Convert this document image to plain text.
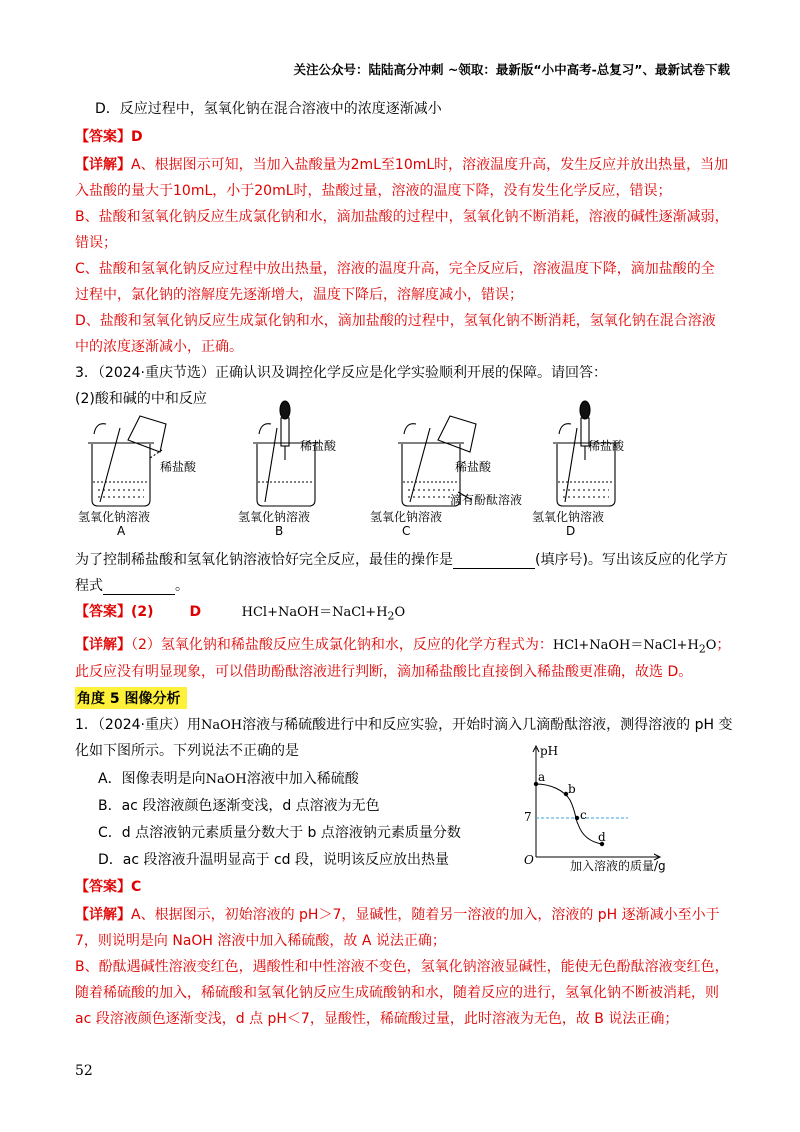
关注公众号：陆陆高分冲刺 ~领取：最新版“小中高考-总复习”、最新试卷下载
D．反应过程中，氢氧化钠在混合溶液中的浓度逐渐减小
【答案】D
【详解】A、根据图示可知，当加入盐酸量为2mL至10mL时，溶液温度升高，发生反应并放出热量，当加
入盐酸的量大于10mL，小于20mL时，盐酸过量，溶液的温度下降，没有发生化学反应，错误；
B、盐酸和氢氧化钠反应生成氯化钠和水，滴加盐酸的过程中，氢氧化钠不断消耗，溶液的碱性逐渐减弱，
错误；
C、盐酸和氢氧化钠反应过程中放出热量，溶液的温度升高，完全反应后，溶液温度下降，滴加盐酸的全
过程中，氯化钠的溶解度先逐渐增大，温度下降后，溶解度减小，错误；
D、盐酸和氢氧化钠反应生成氯化钠和水，滴加盐酸的过程中，氢氧化钠不断消耗，氢氧化钠在混合溶液
中的浓度逐渐减小，正确。
3．（2024·重庆节选）正确认识及调控化学反应是化学实验顺利开展的保障。请回答：
(2)酸和碱的中和反应
稀盐酸
稀盐酸
稀盐酸
滴有酚酞溶液
稀盐酸
氢氧化钠溶液	氢氧化钠溶液	氢氧化钠溶液	氢氧化钠溶液
A	B	C	D
为了控制稀盐酸和氢氧化钠溶液恰好完全反应，最佳的操作是	(填序号)。写出该反应的化学方
程式	。
【答案】(2)	D	$HCl+NaOH=NaCl+H_2O$
【详解】（2）氢氧化钠和稀盐酸反应生成氯化钠和水，反应的化学方程式为：$HCl+NaOH=NaCl+H_2O$；
此反应没有明显现象，可以借助酚酞溶液进行判断，滴加稀盐酸比直接倒入稀盐酸更准确，故选 D。
角度 5 图像分析
1．（2024·重庆）用NaOH溶液与稀硫酸进行中和反应实验，开始时滴入几滴酚酞溶液，测得溶液的 pH 变
化如下图所示。下列说法不正确的是
A．图像表明是向NaOH溶液中加入稀硫酸
B．ac 段溶液颜色逐渐变浅，d 点溶液为无色
C．d 点溶液钠元素质量分数大于 b 点溶液钠元素质量分数
D．ac 段溶液升温明显高于 cd 段，说明该反应放出热量
pH
O
7
加入溶液的质量/g
a
b
c
d
【答案】C
【详解】A、根据图示，初始溶液的 pH＞7，显碱性，随着另一溶液的加入，溶液的 pH 逐渐减小至小于
7，则说明是向 NaOH 溶液中加入稀硫酸，故 A 说法正确；
B、酚酞遇碱性溶液变红色，遇酸性和中性溶液不变色，氢氧化钠溶液显碱性，能使无色酚酞溶液变红色，
随着稀硫酸的加入，稀硫酸和氢氧化钠反应生成硫酸钠和水，随着反应的进行，氢氧化钠不断被消耗，则
ac 段溶液颜色逐渐变浅，d 点 pH＜7，显酸性，稀硫酸过量，此时溶液为无色，故 B 说法正确；
52
